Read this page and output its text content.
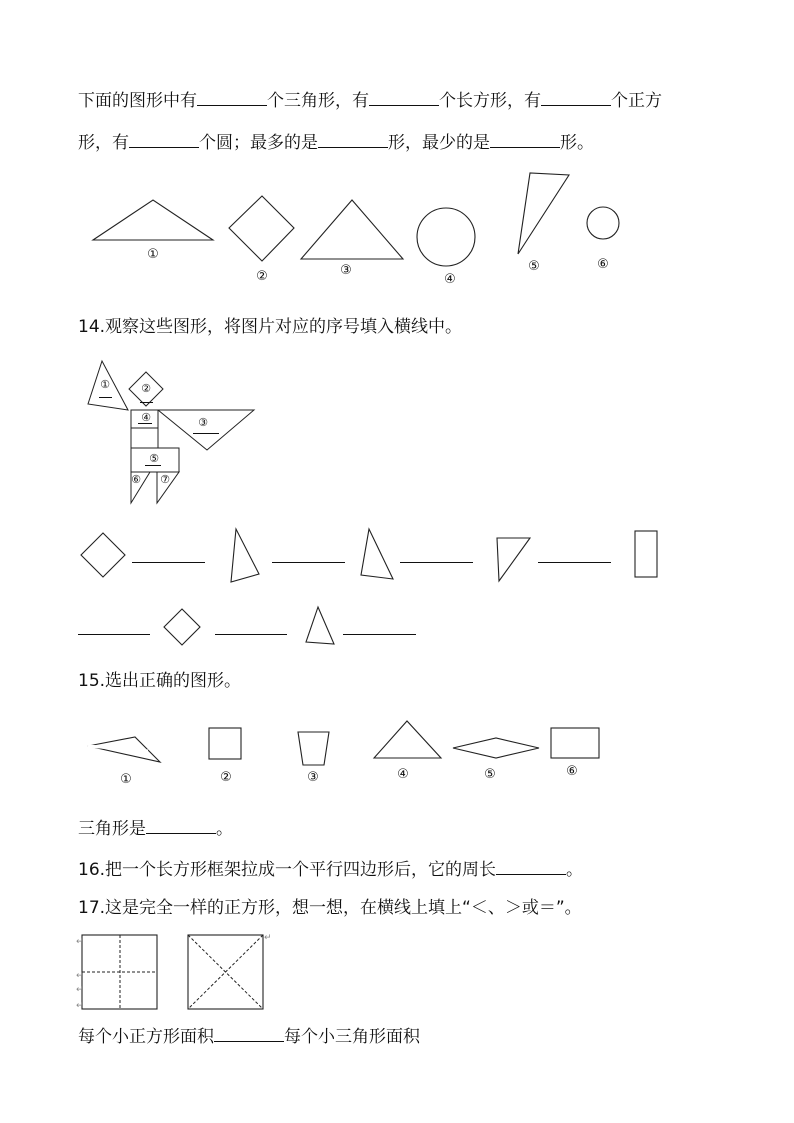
下面的图形中有	个三角形，有	个长方形，有	个正方
形，有	个圆；最多的是	形，最少的是	形。
①
②	③
④
⑤	⑥
14.观察这些图形，将图片对应的序号填入横线中。
①	②
③
④
⑤
⑥	⑦
15.选出正确的图形。
①	②	③	④	⑤	⑥
三角形是	。
16.把一个长方形框架拉成一个平行四边形后，它的周长	。
17.这是完全一样的正方形，想一想，在横线上填上“＜、＞或＝”。
↵
↵
↵
↵
↵
每个小正方形面积	每个小三角形面积
